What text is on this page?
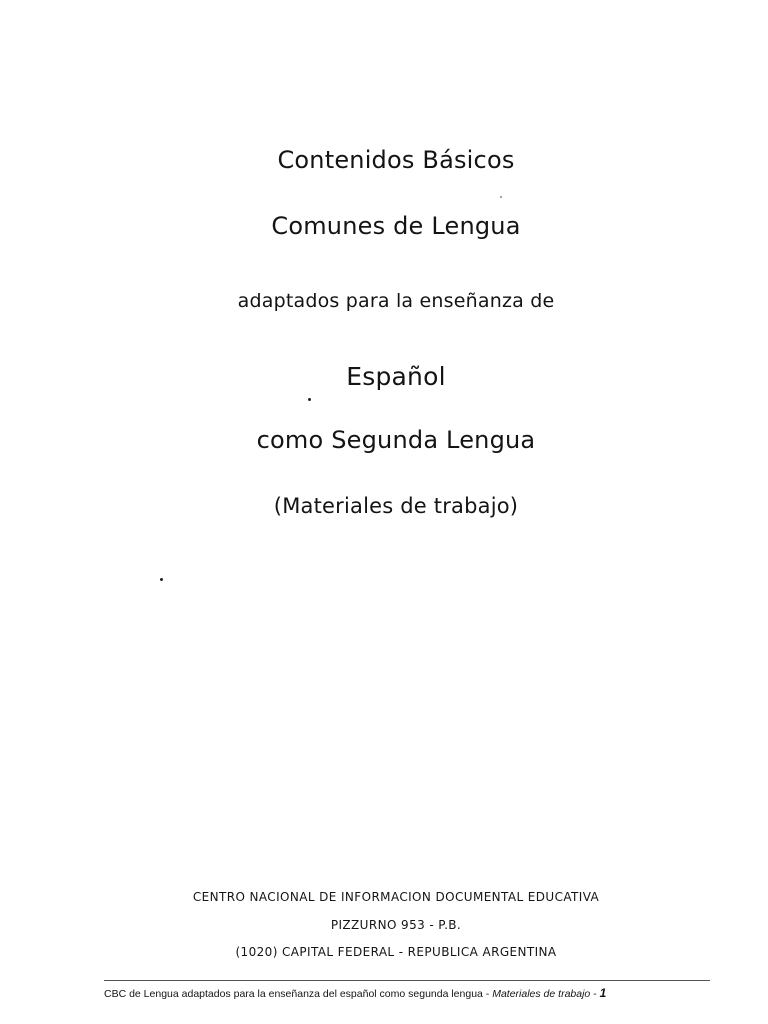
Contenidos Básicos
Comunes de Lengua
adaptados para la enseñanza de
Español
como Segunda Lengua
(Materiales de trabajo)
CENTRO NACIONAL DE INFORMACION DOCUMENTAL EDUCATIVA
PIZZURNO 953 - P.B.
(1020) CAPITAL FEDERAL - REPUBLICA ARGENTINA
CBC de Lengua adaptados para la enseñanza del español como segunda lengua - Materiales de trabajo - 1
